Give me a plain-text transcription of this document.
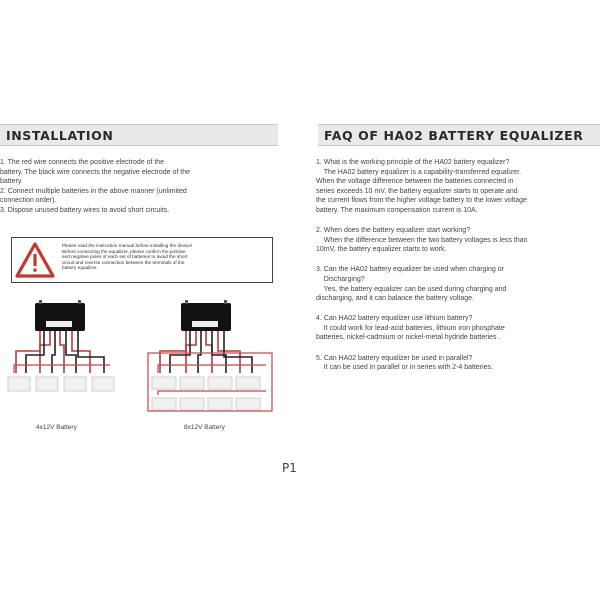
INSTALLATION	FAQ OF HA02 BATTERY EQUALIZER
1. The red wire connects the positive electrode of the
battery. The black wire connects the negative electrode of the
battery.
2. Connect multiple batteries in the above manner (unlimited
connection order).
3. Dispose unused battery wires to avoid short circuits.
Please read the instruction manual before installing the device!
Before connecting the equalizer, please confirm the positive
and negative poles of each set of batteries to avoid the short
circuit and reverse connection between the terminals of the
battery equalizer.
4x12V Battery	8x12V Battery
1. What is the working principle of the HA02 battery equalizer?
The HA02 battery equalizer is a capability-transferred equalizer.
When the voltage difference between the batteries connected in
series exceeds 10 mV, the battery equalizer starts to operate and
the current flows from the higher voltage battery to the lower voltage
battery. The maximum compensation current is 10A.
2. When does the battery equalizer start working?
When the difference between the two battery voltages is less than
10mV, the battery equalizer starts to work.
3. Can the HA02 battery equalizer be used when charging or
Discharging?
Yes, the battery equalizer can be used during charging and
discharging, and it can balance the battery voltage.
4. Can HA02 battery equalizer use lithium battery?
It could work for lead-acid batteries, lithium iron phosphate
batteries, nickel-cadmium or nickel-metal hydride batteries .
5. Can HA02 battery equalizer be used in parallel?
It can be used in parallel or in series with 2-4 batteries.
P1
